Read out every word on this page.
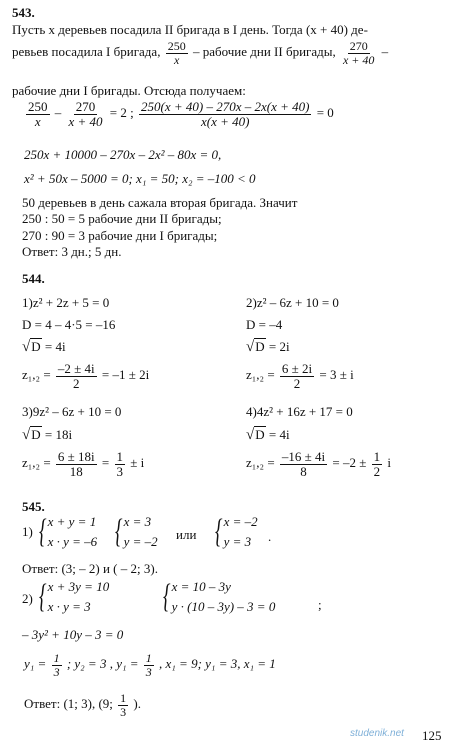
543.
Пусть x деревьев посадила II бригада в I день. Тогда (x + 40) де-
ревьев посадила I бригада, $\frac{250}{x}$ – рабочие дни II бригады, $\frac{270}{x + 40}$ –
рабочие дни I бригады. Отсюда получаем:
$\frac{250}{x} - \frac{270}{x + 40} = 2$ ; $\frac{250(x + 40) - 270x - 2x(x + 40)}{x(x + 40)} = 0$
250x + 10000 – 270x – 2x² – 80x = 0,
x² + 50x – 5000 = 0; x₁ = 50; x₂ = –100 < 0
50 деревьев в день сажала вторая бригада. Значит
250 : 50 = 5 рабочие дни II бригады;
270 : 90 = 3 рабочие дни I бригады;
Ответ: 3 дн.; 5 дн.
544.
1)z² + 2z + 5 = 0
D = 4 – 4·5 = –16
√D = 4i
$z_1,_2 = \frac{-2 \pm 4i}{2} = -1 \pm 2i$
2)z² – 6z + 10 = 0
D = –4
√D = 2i
$z_1,_2 = \frac{6 \pm 2i}{2} = 3 \pm i$
3)9z² – 6z + 10 = 0
√D = 18i
$z_1,_2 = \frac{6 \pm 18i}{18} = \frac{1}{3} \pm i$
4)4z² + 16z + 17 = 0
√D = 4i
$z_1,_2 = \frac{-16 \pm 4i}{8} = -2 \pm \frac{1}{2}$ i
545.
1) { x + y = 1
x · y = –6 { x = 3
y = –2 или { x = –2
y = 3	.
Ответ: (3; – 2) и ( – 2; 3).
2) { x + 3y = 10
x · y = 3	{ x = 10 – 3y
y · (10 – 3y) – 3 = 0	;
– 3y² + 10y – 3 = 0
$y_1 = \frac{1}{3}$ ; y₂ = 3 , $y_1 = \frac{1}{3}$ , x₁ = 9; y₁ = 3, x₁ = 1
Ответ: (1; 3), (9; $\frac{1}{3}$ ).
studenik.net 125
